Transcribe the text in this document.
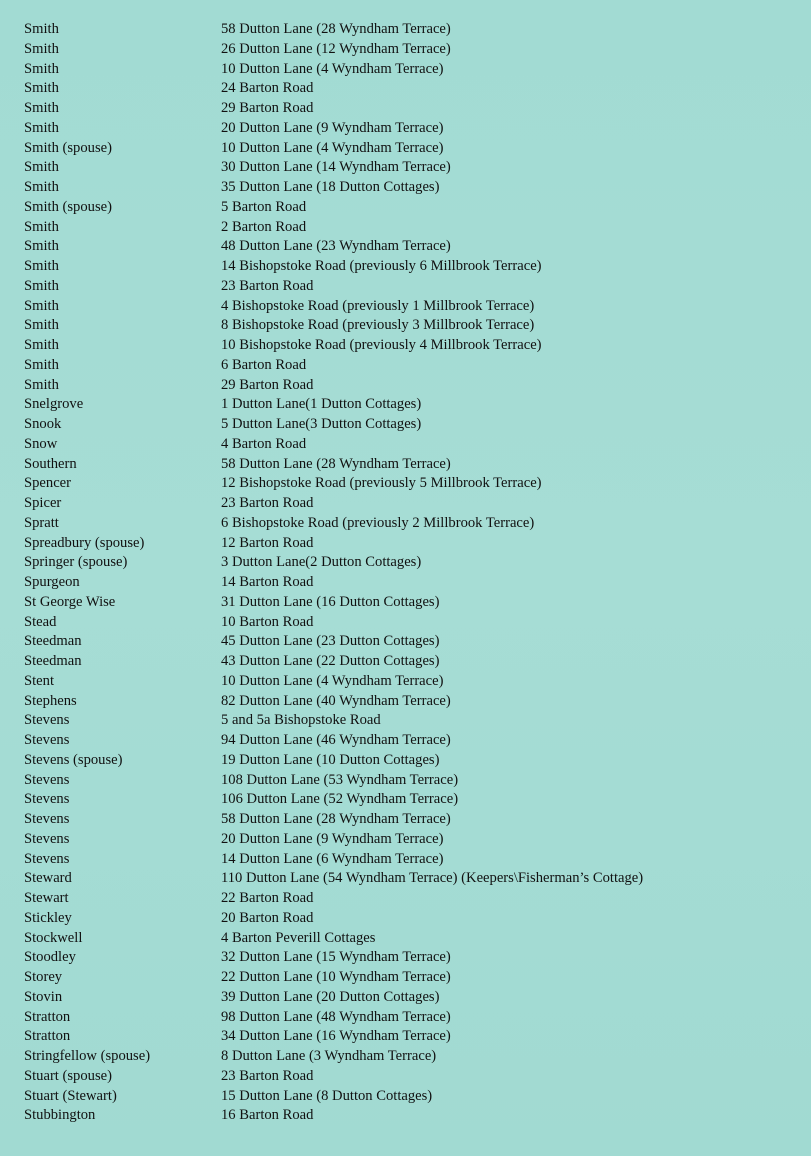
Smith	58 Dutton Lane (28 Wyndham Terrace)
Smith	26 Dutton Lane (12 Wyndham Terrace)
Smith	10 Dutton Lane (4 Wyndham Terrace)
Smith	24 Barton Road
Smith	29 Barton Road
Smith	20 Dutton Lane (9 Wyndham Terrace)
Smith (spouse)	10 Dutton Lane (4 Wyndham Terrace)
Smith	30 Dutton Lane (14 Wyndham Terrace)
Smith	35 Dutton Lane (18 Dutton Cottages)
Smith (spouse)	5 Barton Road
Smith	2 Barton Road
Smith	48 Dutton Lane (23 Wyndham Terrace)
Smith	14 Bishopstoke Road (previously 6 Millbrook Terrace)
Smith	23 Barton Road
Smith	4 Bishopstoke Road (previously 1 Millbrook Terrace)
Smith	8 Bishopstoke Road (previously 3 Millbrook Terrace)
Smith	10 Bishopstoke Road (previously 4 Millbrook Terrace)
Smith	6 Barton Road
Smith	29 Barton Road
Snelgrove	1 Dutton Lane(1 Dutton Cottages)
Snook	5 Dutton Lane(3 Dutton Cottages)
Snow	4 Barton Road
Southern	58 Dutton Lane (28 Wyndham Terrace)
Spencer	12 Bishopstoke Road (previously 5 Millbrook Terrace)
Spicer	23 Barton Road
Spratt	6 Bishopstoke Road (previously 2 Millbrook Terrace)
Spreadbury (spouse)	12 Barton Road
Springer (spouse)	3 Dutton Lane(2 Dutton Cottages)
Spurgeon	14 Barton Road
St George Wise	31 Dutton Lane (16 Dutton Cottages)
Stead	10 Barton Road
Steedman	45 Dutton Lane (23 Dutton Cottages)
Steedman	43 Dutton Lane (22 Dutton Cottages)
Stent	10 Dutton Lane (4 Wyndham Terrace)
Stephens	82 Dutton Lane (40 Wyndham Terrace)
Stevens	5 and 5a Bishopstoke Road
Stevens	94 Dutton Lane (46 Wyndham Terrace)
Stevens (spouse)	19 Dutton Lane (10 Dutton Cottages)
Stevens	108 Dutton Lane (53 Wyndham Terrace)
Stevens	106 Dutton Lane (52 Wyndham Terrace)
Stevens	58 Dutton Lane (28 Wyndham Terrace)
Stevens	20 Dutton Lane (9 Wyndham Terrace)
Stevens	14 Dutton Lane (6 Wyndham Terrace)
Steward	110 Dutton Lane (54 Wyndham Terrace) (Keepers\Fisherman’s Cottage)
Stewart	22 Barton Road
Stickley	20 Barton Road
Stockwell	4 Barton Peverill Cottages
Stoodley	32 Dutton Lane (15 Wyndham Terrace)
Storey	22 Dutton Lane (10 Wyndham Terrace)
Stovin	39 Dutton Lane (20 Dutton Cottages)
Stratton	98 Dutton Lane (48 Wyndham Terrace)
Stratton	34 Dutton Lane (16 Wyndham Terrace)
Stringfellow (spouse)	8 Dutton Lane (3 Wyndham Terrace)
Stuart (spouse)	23 Barton Road
Stuart (Stewart)	15 Dutton Lane (8 Dutton Cottages)
Stubbington	16 Barton Road
